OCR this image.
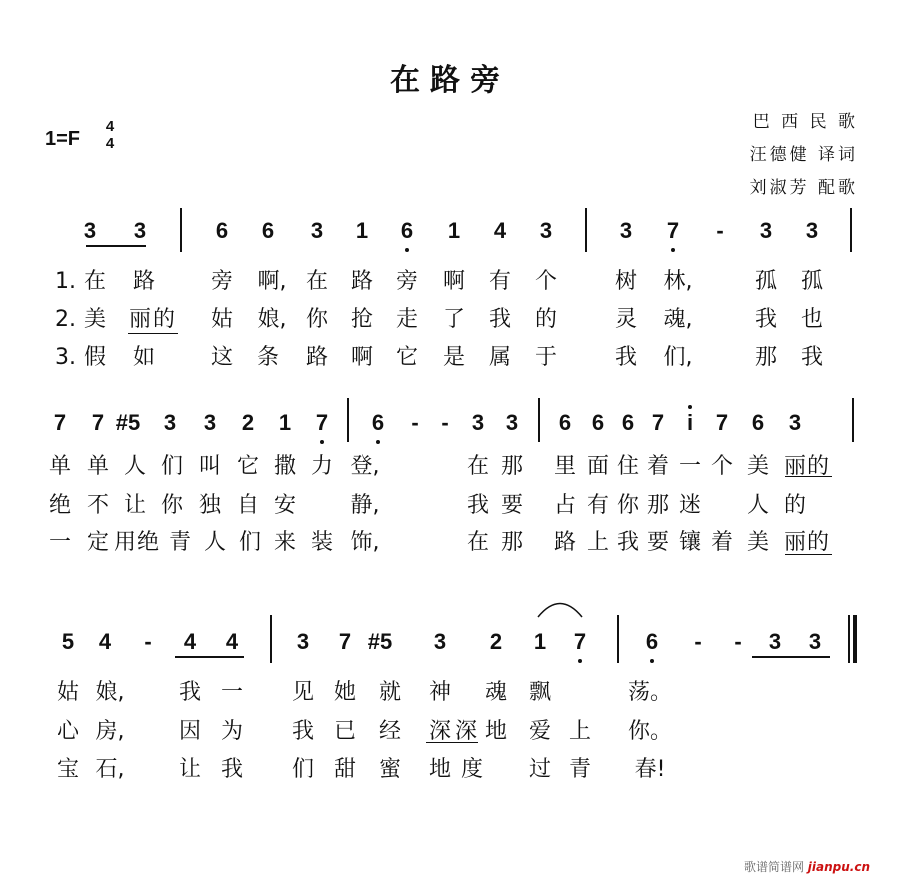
在路旁
1=F
4
4
巴 西 民 歌
汪德健 译词
刘淑芳 配歌
3 3	6 6 3 1 6 1 4 3	3 7 - 3 3
在 路	旁 啊, 在 路 旁 啊 有 个	树 林,	孤 孤
美 丽 的 姑 娘, 你 抢 走 了 我 的	灵 魂,	我 也
假 如	这 条 路 啊 它 是 属 于	我 们,	那 我
1.
2.
3.
7 7 #5 3 3 2 1 7 6 - - 3 3 6 6 6 7 i 7 6 3
单 单 人 们 叫 它 撒 力 登,	在 那 里 面 住 着 一 个 美 丽 的
绝 不 让 你 独 自 安 静,	我 要 占 有 你 那 迷 人 的
一 定 用 绝 青 人 们 来 装 饰,	在 那 路 上 我 要 镶 着 美 丽 的
5 4 - 4 4	3 7 #5 3 2 1 7	6 - - 3 3
姑 娘, 我 一 见 她 就 神 魂 飘	荡。
心 房, 因 为 我 已 经 深 深 地 爱 上 你。
宝 石, 让 我 们 甜 蜜 地 度 过 青 春!
歌谱简谱网 jianpu.cn
